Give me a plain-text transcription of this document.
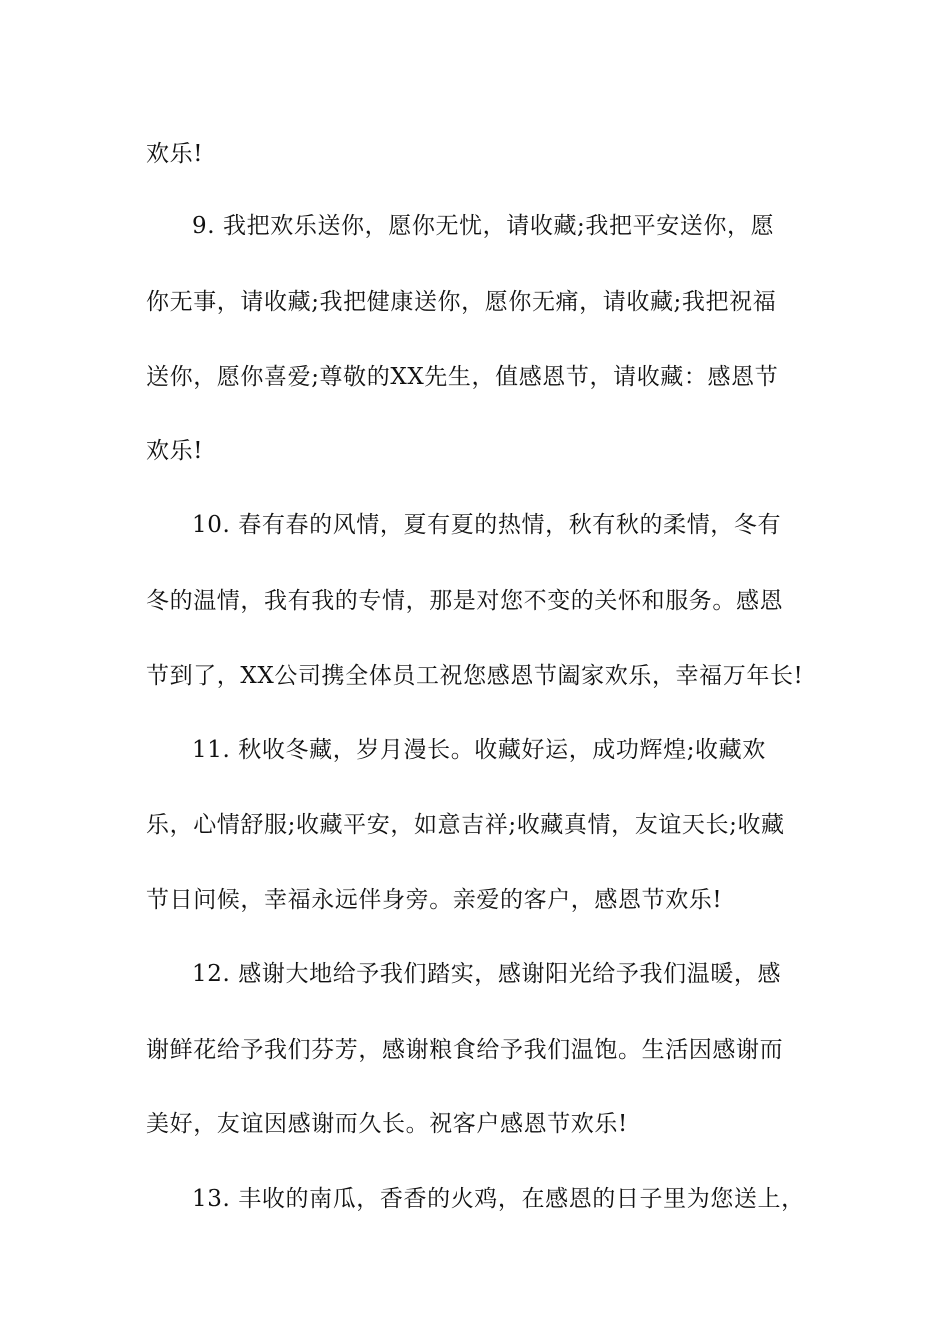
欢乐!
9. 我把欢乐送你，愿你无忧，请收藏;我把平安送你，愿
你无事，请收藏;我把健康送你，愿你无痛，请收藏;我把祝福
送你，愿你喜爱;尊敬的XX先生，值感恩节，请收藏：感恩节
欢乐!
10. 春有春的风情，夏有夏的热情，秋有秋的柔情，冬有
冬的温情，我有我的专情，那是对您不变的关怀和服务。感恩
节到了，XX公司携全体员工祝您感恩节阖家欢乐，幸福万年长!
11. 秋收冬藏，岁月漫长。收藏好运，成功辉煌;收藏欢
乐，心情舒服;收藏平安，如意吉祥;收藏真情，友谊天长;收藏
节日问候，幸福永远伴身旁。亲爱的客户，感恩节欢乐!
12. 感谢大地给予我们踏实，感谢阳光给予我们温暖，感
谢鲜花给予我们芬芳，感谢粮食给予我们温饱。生活因感谢而
美好，友谊因感谢而久长。祝客户感恩节欢乐!
13. 丰收的南瓜，香香的火鸡，在感恩的日子里为您送上，
